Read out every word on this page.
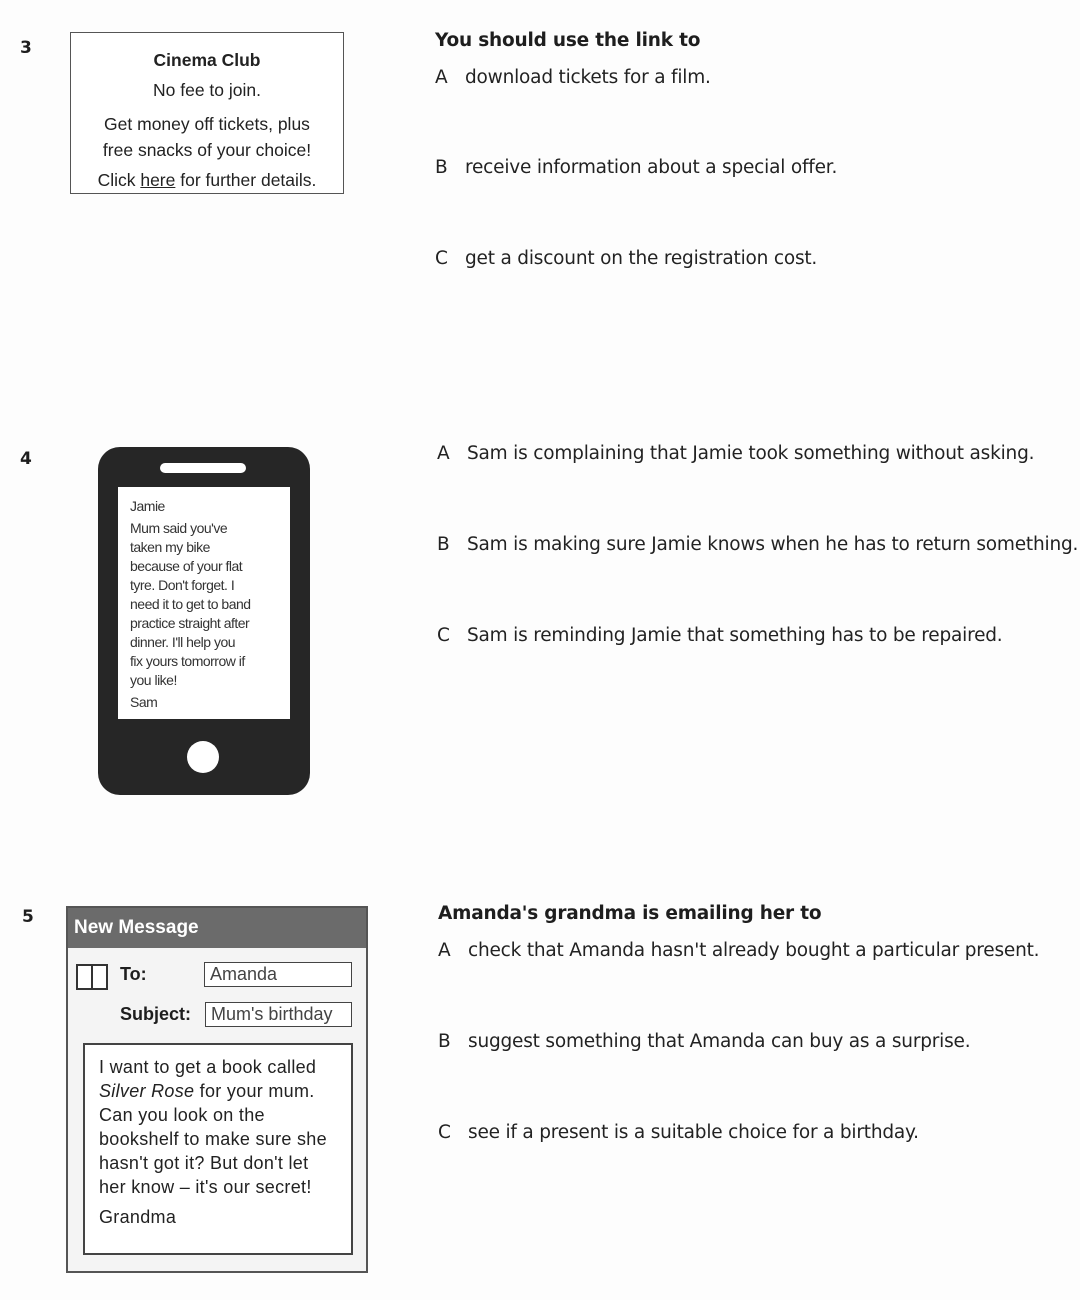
3

Cinema Club

No fee to join.

Get money off tickets, plus

free snacks of your choice!

Click here for further details.

You should use the link to
A download tickets for a film.
B receive information about a special offer.
C get a discount on the registration cost.
4
Jamie
Mum said you've
taken my bike
because of your flat
tyre. Don't forget. I
need it to get to band
practice straight after
dinner. I'll help you
fix yours tomorrow if
you like!
Sam
A Sam is complaining that Jamie took something without asking.
B Sam is making sure Jamie knows when he has to return something.
C Sam is reminding Jamie that something has to be repaired.
5	New Message
To:	Amanda
Subject:	Mum's birthday
I want to get a book called
Silver Rose for your mum. Can you look on the bookshelf to make sure she hasn't got it? But don't let her know – it's our secret!
Grandma
Amanda's grandma is emailing her to
A check that Amanda hasn't already bought a particular present.
B suggest something that Amanda can buy as a surprise.
C see if a present is a suitable choice for a birthday.
